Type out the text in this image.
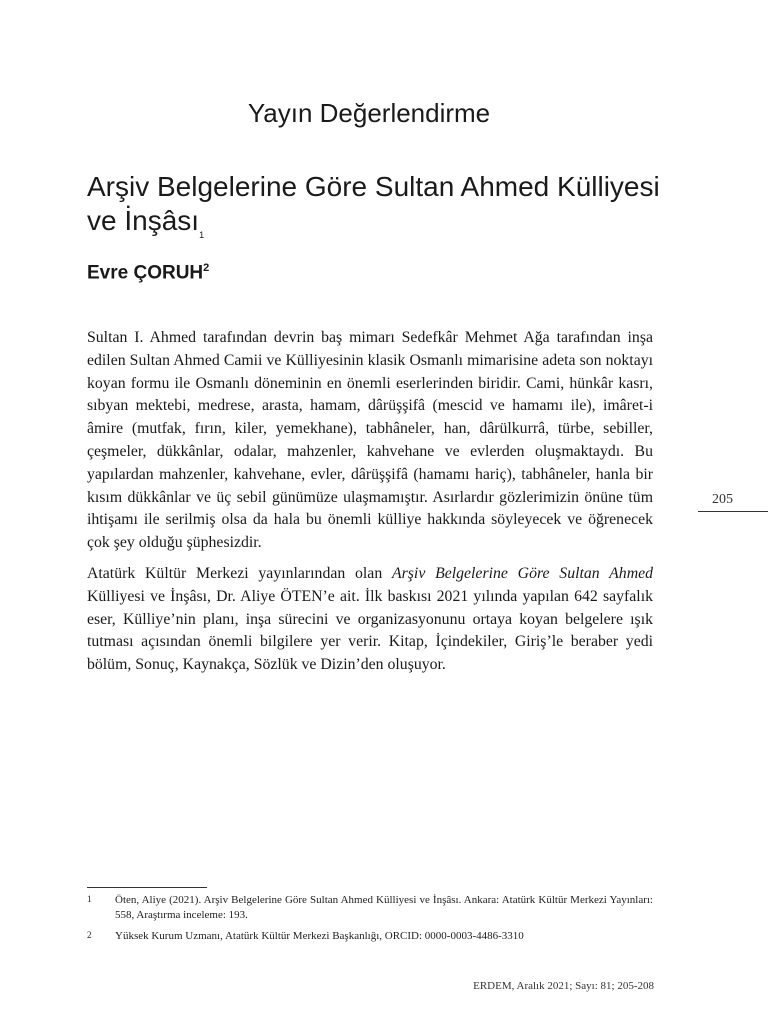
Yayın Değerlendirme
Arşiv Belgelerine Göre Sultan Ahmed Külliyesi ve İnşâsı$^1$
Evre ÇORUH$^2$

Sultan I. Ahmed tarafından devrin baş mimarı Sedefkâr Mehmet Ağa tarafından inşa edilen Sultan Ahmed Camii ve Külliyesinin klasik Osmanlı mimarisine adeta son noktayı koyan formu ile Osmanlı döneminin en önemli eserlerinden biridir. Cami, hünkâr kasrı, sıbyan mektebi, medrese, arasta, hamam, dârüşşifâ (mescid ve hamamı ile), imâret-i âmire (mutfak, fırın, kiler, yemekhane), tabhâneler, han, dârülkurrâ, türbe, sebiller, çeşmeler, dükkânlar, odalar, mahzenler, kahvehane ve evlerden oluşmaktaydı. Bu yapılardan mahzenler, kahvehane, evler, dârüşşifâ (hamamı hariç), tabhâneler, hanla bir kısım dükkânlar ve üç sebil günümüze ulaşmamıştır. Asırlardır gözlerimizin önüne tüm ihtişamı ile serilmiş olsa da hala bu önemli külliye hakkında söyleyecek ve öğrenecek çok şey olduğu şüphesizdir.

Atatürk Kültür Merkezi yayınlarından olan Arşiv Belgelerine Göre Sultan Ahmed Külliyesi ve İnşâsı, Dr. Aliye ÖTEN’e ait. İlk baskısı 2021 yılında yapılan 642 sayfalık eser, Külliye’nin planı, inşa sürecini ve organizasyonunu ortaya koyan belgelere ışık tutması açısından önemli bilgilere yer verir. Kitap, İçindekiler, Giriş’le beraber yedi bölüm, Sonuç, Kaynakça, Sözlük ve Dizin’den oluşuyor.

205
1	Öten, Aliye (2021). Arşiv Belgelerine Göre Sultan Ahmed Külliyesi ve İnşâsı. Ankara: Atatürk Kültür Merkezi Yayınları: 558, Araştırma inceleme: 193.
2	Yüksek Kurum Uzmanı, Atatürk Kültür Merkezi Başkanlığı, ORCID: 0000-0003-4486-3310
ERDEM, Aralık 2021; Sayı: 81; 205-208
